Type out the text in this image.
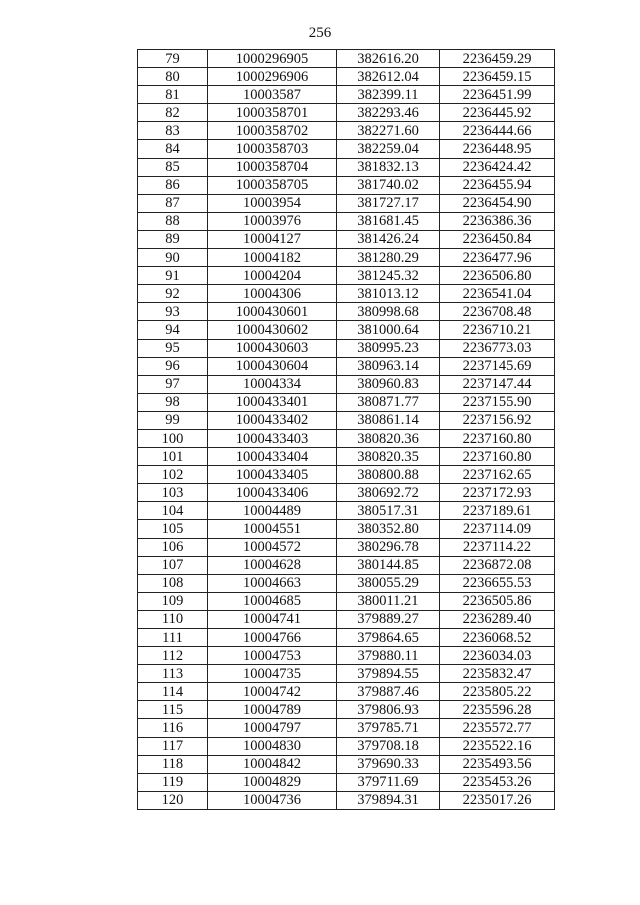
256
79	1000296905	382616.20	2236459.29
80	1000296906	382612.04	2236459.15
81	10003587	382399.11	2236451.99
82	1000358701	382293.46	2236445.92
83	1000358702	382271.60	2236444.66
84	1000358703	382259.04	2236448.95
85	1000358704	381832.13	2236424.42
86	1000358705	381740.02	2236455.94
87	10003954	381727.17	2236454.90
88	10003976	381681.45	2236386.36
89	10004127	381426.24	2236450.84
90	10004182	381280.29	2236477.96
91	10004204	381245.32	2236506.80
92	10004306	381013.12	2236541.04
93	1000430601	380998.68	2236708.48
94	1000430602	381000.64	2236710.21
95	1000430603	380995.23	2236773.03
96	1000430604	380963.14	2237145.69
97	10004334	380960.83	2237147.44
98	1000433401	380871.77	2237155.90
99	1000433402	380861.14	2237156.92
100	1000433403	380820.36	2237160.80
101	1000433404	380820.35	2237160.80
102	1000433405	380800.88	2237162.65
103	1000433406	380692.72	2237172.93
104	10004489	380517.31	2237189.61
105	10004551	380352.80	2237114.09
106	10004572	380296.78	2237114.22
107	10004628	380144.85	2236872.08
108	10004663	380055.29	2236655.53
109	10004685	380011.21	2236505.86
110	10004741	379889.27	2236289.40
111	10004766	379864.65	2236068.52
112	10004753	379880.11	2236034.03
113	10004735	379894.55	2235832.47
114	10004742	379887.46	2235805.22
115	10004789	379806.93	2235596.28
116	10004797	379785.71	2235572.77
117	10004830	379708.18	2235522.16
118	10004842	379690.33	2235493.56
119	10004829	379711.69	2235453.26
120	10004736	379894.31	2235017.26
